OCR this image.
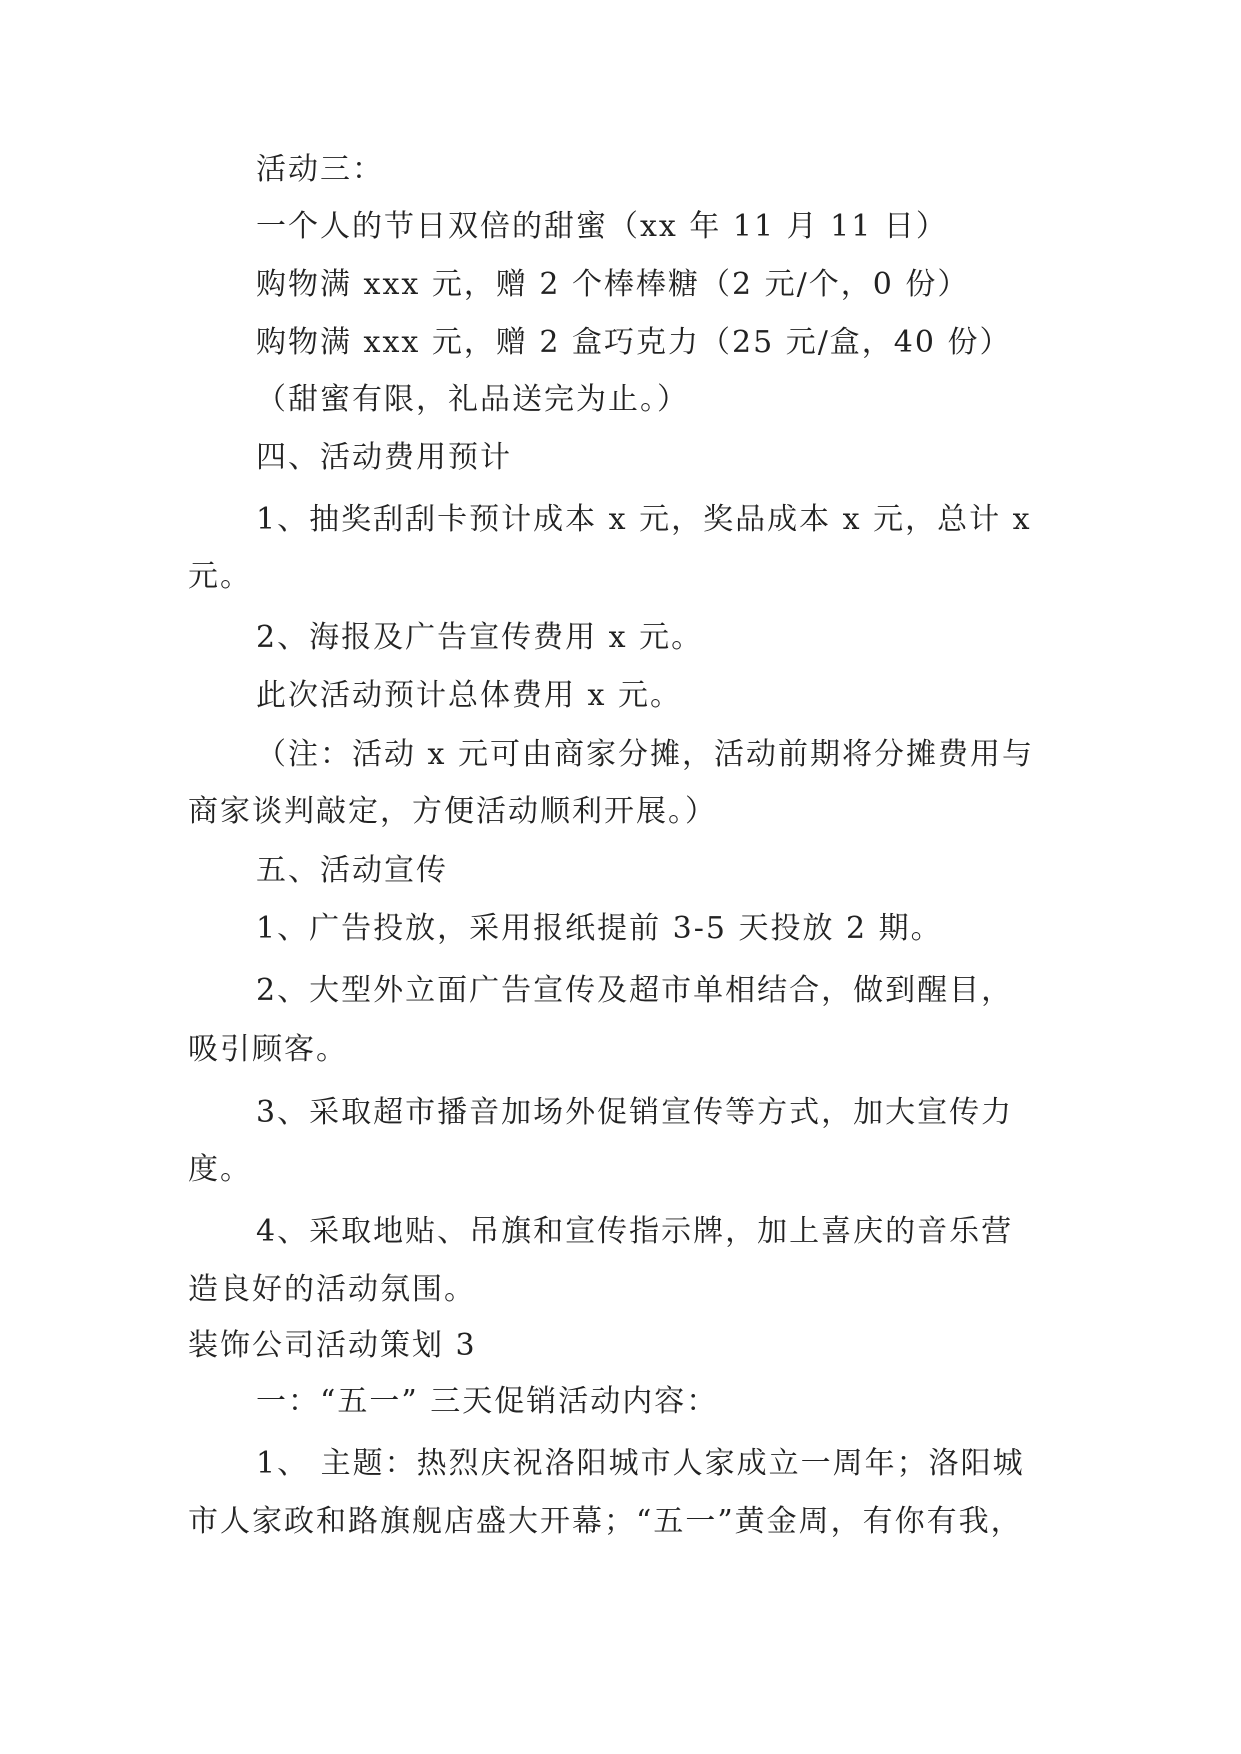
活动三：
一个人的节日双倍的甜蜜（xx 年 11 月 11 日）
购物满 xxx 元，赠 2 个棒棒糖（2 元/个，0 份）
购物满 xxx 元，赠 2 盒巧克力（25 元/盒，40 份）
（甜蜜有限，礼品送完为止。）
四、活动费用预计
1、抽奖刮刮卡预计成本 x 元，奖品成本 x 元，总计 x
元。
2、海报及广告宣传费用 x 元。
此次活动预计总体费用 x 元。
（注：活动 x 元可由商家分摊，活动前期将分摊费用与
商家谈判敲定，方便活动顺利开展。）
五、活动宣传
1、广告投放，采用报纸提前 3-5 天投放 2 期。
2、大型外立面广告宣传及超市单相结合，做到醒目，
吸引顾客。
3、采取超市播音加场外促销宣传等方式，加大宣传力
度。
4、采取地贴、吊旗和宣传指示牌，加上喜庆的音乐营
造良好的活动氛围。
装饰公司活动策划 3
一：“五一” 三天促销活动内容：
1、 主题：热烈庆祝洛阳城市人家成立一周年；洛阳城
市人家政和路旗舰店盛大开幕；“五一”黄金周，有你有我，
